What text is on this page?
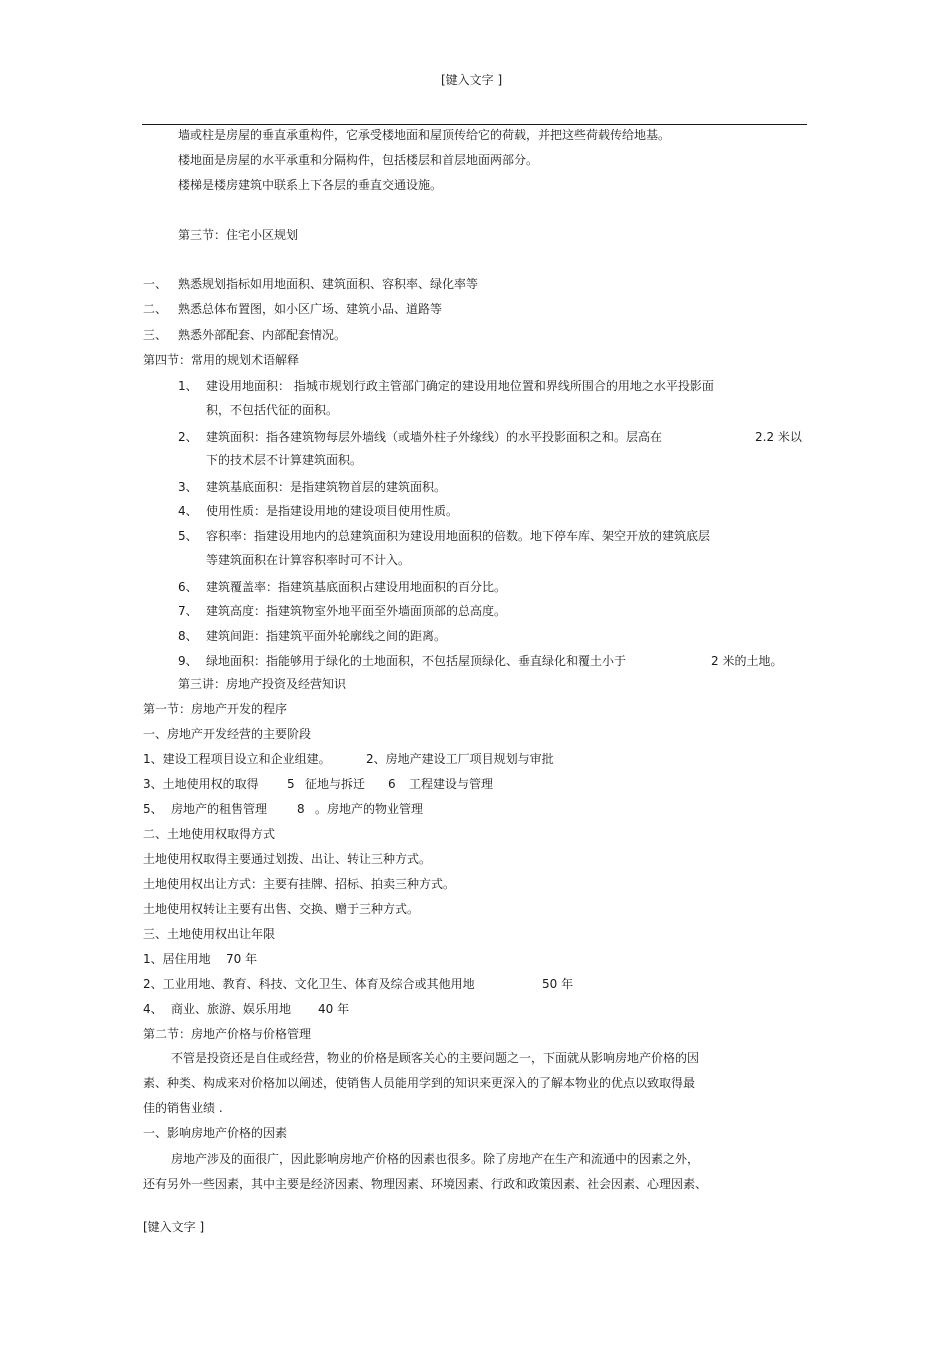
[键入文字 ]
墙或柱是房屋的垂直承重构件，它承受楼地面和屋顶传给它的荷载，并把这些荷载传给地基。
楼地面是房屋的水平承重和分隔构件，包括楼层和首层地面两部分。
楼梯是楼房建筑中联系上下各层的垂直交通设施。
第三节：住宅小区规划
一、 熟悉规划指标如用地面积、建筑面积、容积率、绿化率等
二、 熟悉总体布置图，如小区广场、建筑小品、道路等
三、 熟悉外部配套、内部配套情况。
第四节：常用的规划术语解释
1、 建设用地面积： 指城市规划行政主管部门确定的建设用地位置和界线所围合的用地之水平投影面
积，不包括代征的面积。
2、 建筑面积：指各建筑物每层外墙线（或墙外柱子外缘线）的水平投影面积之和。层高在	2.2 米以
下的技术层不计算建筑面积。
3、 建筑基底面积：是指建筑物首层的建筑面积。
4、 使用性质：是指建设用地的建设项目使用性质。
5、 容积率：指建设用地内的总建筑面积为建设用地面积的倍数。地下停车库、架空开放的建筑底层
等建筑面积在计算容积率时可不计入。
6、 建筑覆盖率：指建筑基底面积占建设用地面积的百分比。
7、 建筑高度：指建筑物室外地平面至外墙面顶部的总高度。
8、 建筑间距：指建筑平面外轮廓线之间的距离。
9、 绿地面积：指能够用于绿化的土地面积，不包括屋顶绿化、垂直绿化和覆土小于	2 米的土地。
第三讲：房地产投资及经营知识
第一节：房地产开发的程序
一、房地产开发经营的主要阶段
1、建设工程项目设立和企业组建。	2、房地产建设工厂项目规划与审批
3、土地使用权的取得 5 征地与拆迁 6 工程建设与管理
5、 房地产的租售管理 8 。房地产的物业管理
二、土地使用权取得方式
土地使用权取得主要通过划拨、出让、转让三种方式。
土地使用权出让方式：主要有挂牌、招标、拍卖三种方式。
土地使用权转让主要有出售、交换、赠于三种方式。
三、土地使用权出让年限
1、居住用地 70 年
2、工业用地、教育、科技、文化卫生、体育及综合或其他用地	50 年
4、 商业、旅游、娱乐用地 40 年
第二节：房地产价格与价格管理
不管是投资还是自住或经营，物业的价格是顾客关心的主要问题之一，下面就从影响房地产价格的因
素、种类、构成来对价格加以阐述，使销售人员能用学到的知识来更深入的了解本物业的优点以致取得最
佳的销售业绩 .
一、影响房地产价格的因素
房地产涉及的面很广，因此影响房地产价格的因素也很多。除了房地产在生产和流通中的因素之外，
还有另外一些因素，其中主要是经济因素、物理因素、环境因素、行政和政策因素、社会因素、心理因素、
[键入文字 ]
